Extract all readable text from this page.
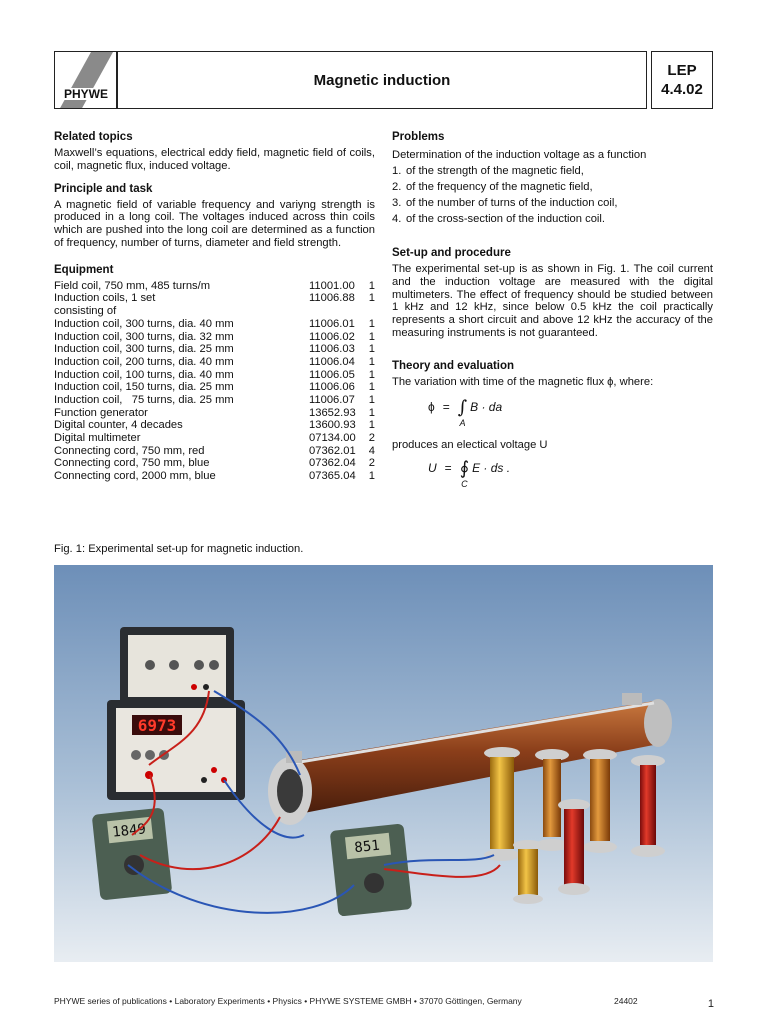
PHYWE
Magnetic induction
LEP
4.4.02
Related topics

Maxwell’s equations, electrical eddy field, magnetic field of coils, coil, magnetic flux, induced voltage.

Principle and task

A magnetic field of variable frequency and variyng strength is produced in a long coil. The voltages induced across thin coils which are pushed into the long coil are determined as a function of frequency, number of turns, diameter and field strength.

Equipment
Field coil, 750 mm, 485 turns/m	11001.00	1
Induction coils, 1 set	11006.88	1
consisting of
Induction coil, 300 turns, dia. 40 mm	11006.01	1
Induction coil, 300 turns, dia. 32 mm	11006.02	1
Induction coil, 300 turns, dia. 25 mm	11006.03	1
Induction coil, 200 turns, dia. 40 mm	11006.04	1
Induction coil, 100 turns, dia. 40 mm	11006.05	1
Induction coil, 150 turns, dia. 25 mm	11006.06	1
Induction coil,   75 turns, dia. 25 mm	11006.07	1
Function generator	13652.93	1
Digital counter, 4 decades	13600.93	1
Digital multimeter	07134.00	2
Connecting cord, 750 mm, red	07362.01	4
Connecting cord, 750 mm, blue	07362.04	2
Connecting cord, 2000 mm, blue	07365.04	1
Problems

Determination of the induction voltage as a function

1. of the strength of the magnetic field,
2. of the frequency of the magnetic field,
3. of the number of turns of the induction coil,
4. of the cross-section of the induction coil.
Set-up and procedure

The experimental set-up is as shown in Fig. 1. The coil current and the induction voltage are measured with the digital multimeters. The effect of frequency should be studied between 1 kHz and 12 kHz, since below 0.5 kHz the coil practically represents a short circuit and above 12 kHz the accuracy of the measuring instruments is not guaranteed.

Theory and evaluation

The variation with time of the magnetic flux ϕ, where:

ϕ = ∫
A
B · da

produces an electical voltage U

U = ∮
C
E · ds .
Fig. 1: Experimental set-up for magnetic induction.
6973
1849
851
PHYWE series of publications • Laboratory Experiments • Physics • PHYWE SYSTEME GMBH • 37070 Göttingen, Germany	24402	1
